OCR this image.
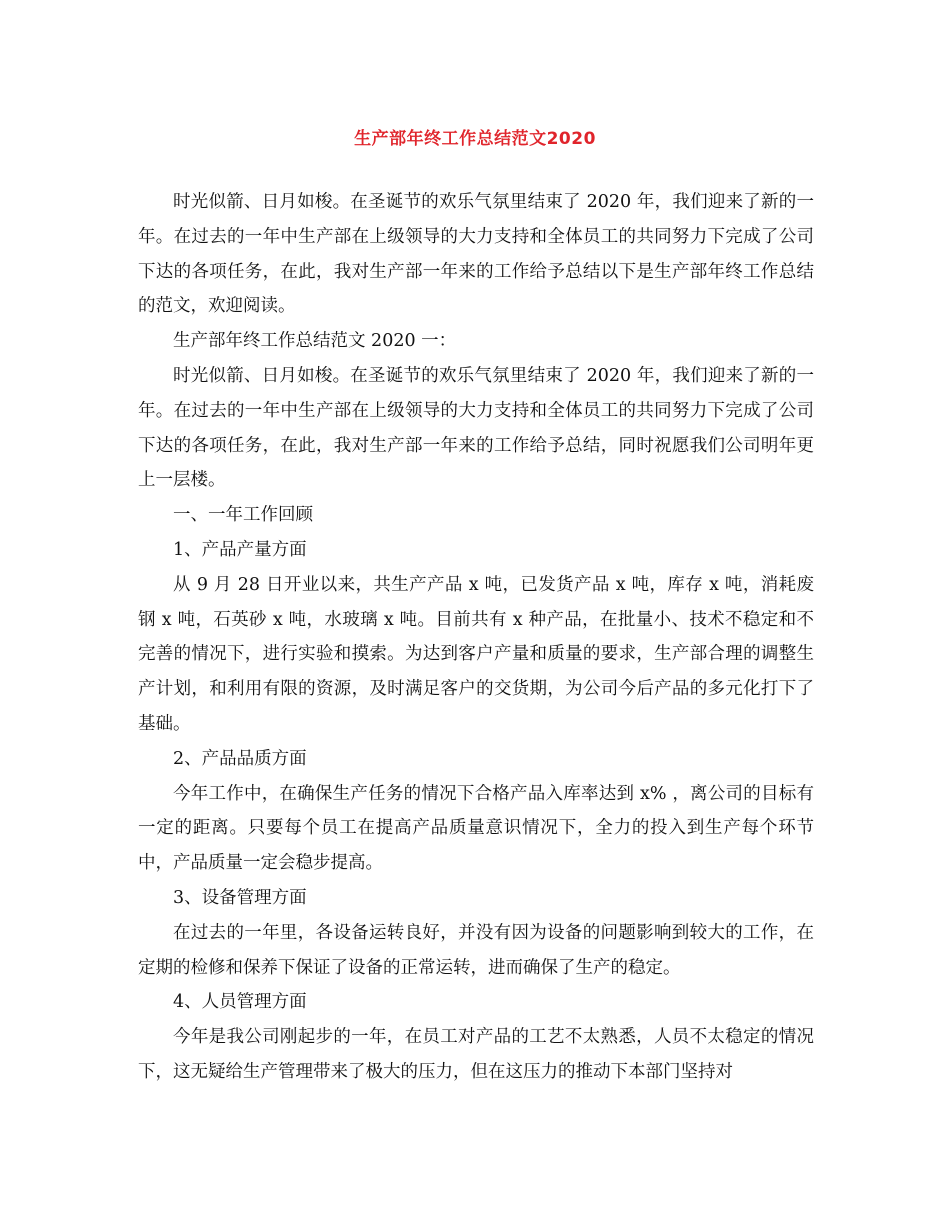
生产部年终工作总结范文2020

时光似箭、日月如梭。在圣诞节的欢乐气氛里结束了 2020 年，我们迎来了新的一年。在过去的一年中生产部在上级领导的大力支持和全体员工的共同努力下完成了公司下达的各项任务，在此，我对生产部一年来的工作给予总结以下是生产部年终工作总结的范文，欢迎阅读。

生产部年终工作总结范文 2020 一：

时光似箭、日月如梭。在圣诞节的欢乐气氛里结束了 2020 年，我们迎来了新的一年。在过去的一年中生产部在上级领导的大力支持和全体员工的共同努力下完成了公司下达的各项任务，在此，我对生产部一年来的工作给予总结，同时祝愿我们公司明年更上一层楼。

一、一年工作回顾

1、产品产量方面

从 9 月 28 日开业以来，共生产产品 x 吨，已发货产品 x 吨，库存 x 吨，消耗废钢 x 吨，石英砂 x 吨，水玻璃 x 吨。目前共有 x 种产品，在批量小、技术不稳定和不完善的情况下，进行实验和摸索。为达到客户产量和质量的要求，生产部合理的调整生产计划，和利用有限的资源，及时满足客户的交货期，为公司今后产品的多元化打下了基础。

2、产品品质方面

今年工作中，在确保生产任务的情况下合格产品入库率达到 x% ，离公司的目标有一定的距离。只要每个员工在提高产品质量意识情况下，全力的投入到生产每个环节中，产品质量一定会稳步提高。

3、设备管理方面

在过去的一年里，各设备运转良好，并没有因为设备的问题影响到较大的工作，在定期的检修和保养下保证了设备的正常运转，进而确保了生产的稳定。

4、人员管理方面

今年是我公司刚起步的一年，在员工对产品的工艺不太熟悉，人员不太稳定的情况下，这无疑给生产管理带来了极大的压力，但在这压力的推动下本部门坚持对
